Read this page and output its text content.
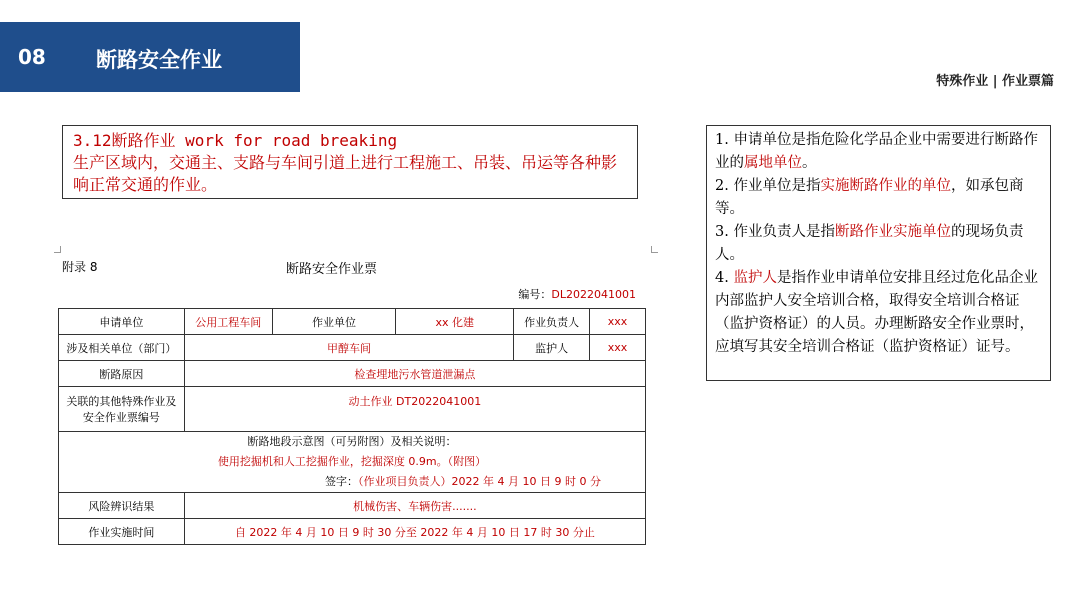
08 断路安全作业
特殊作业 | 作业票篇
3.12断路作业 work for road breaking
生产区域内，交通主、支路与车间引道上进行工程施工、吊装、吊运等各种影响正常交通的作业。
1. 申请单位是指危险化学品企业中需要进行断路作业的属地单位。
2. 作业单位是指实施断路作业的单位，如承包商等。
3. 作业负责人是指断路作业实施单位的现场负责人。
4. 监护人是指作业申请单位安排且经过危化品企业内部监护人安全培训合格，取得安全培训合格证（监护资格证）的人员。办理断路安全作业票时，应填写其安全培训合格证（监护资格证）证号。
附录 8	断路安全作业票
编号：DL2022041001
申请单位	公用工程车间	作业单位	xx 化建	作业负责人	xxx
涉及相关单位（部门）	甲醇车间			监护人	xxx
断路原因	检查埋地污水管道泄漏点				
关联的其他特殊作业及安全作业票编号	动土作业 DT2022041001				

断路地段示意图（可另附图）及相关说明：
使用挖掘机和人工挖掘作业，挖掘深度 0.9m。（附图）
签字：（作业项目负责人）2022 年 4 月 10 日 9 时 0 分					

风险辨识结果	机械伤害、车辆伤害.......				
作业实施时间	自 2022 年 4 月 10 日 9 时 30 分至 2022 年 4 月 10 日 17 时 30 分止				
